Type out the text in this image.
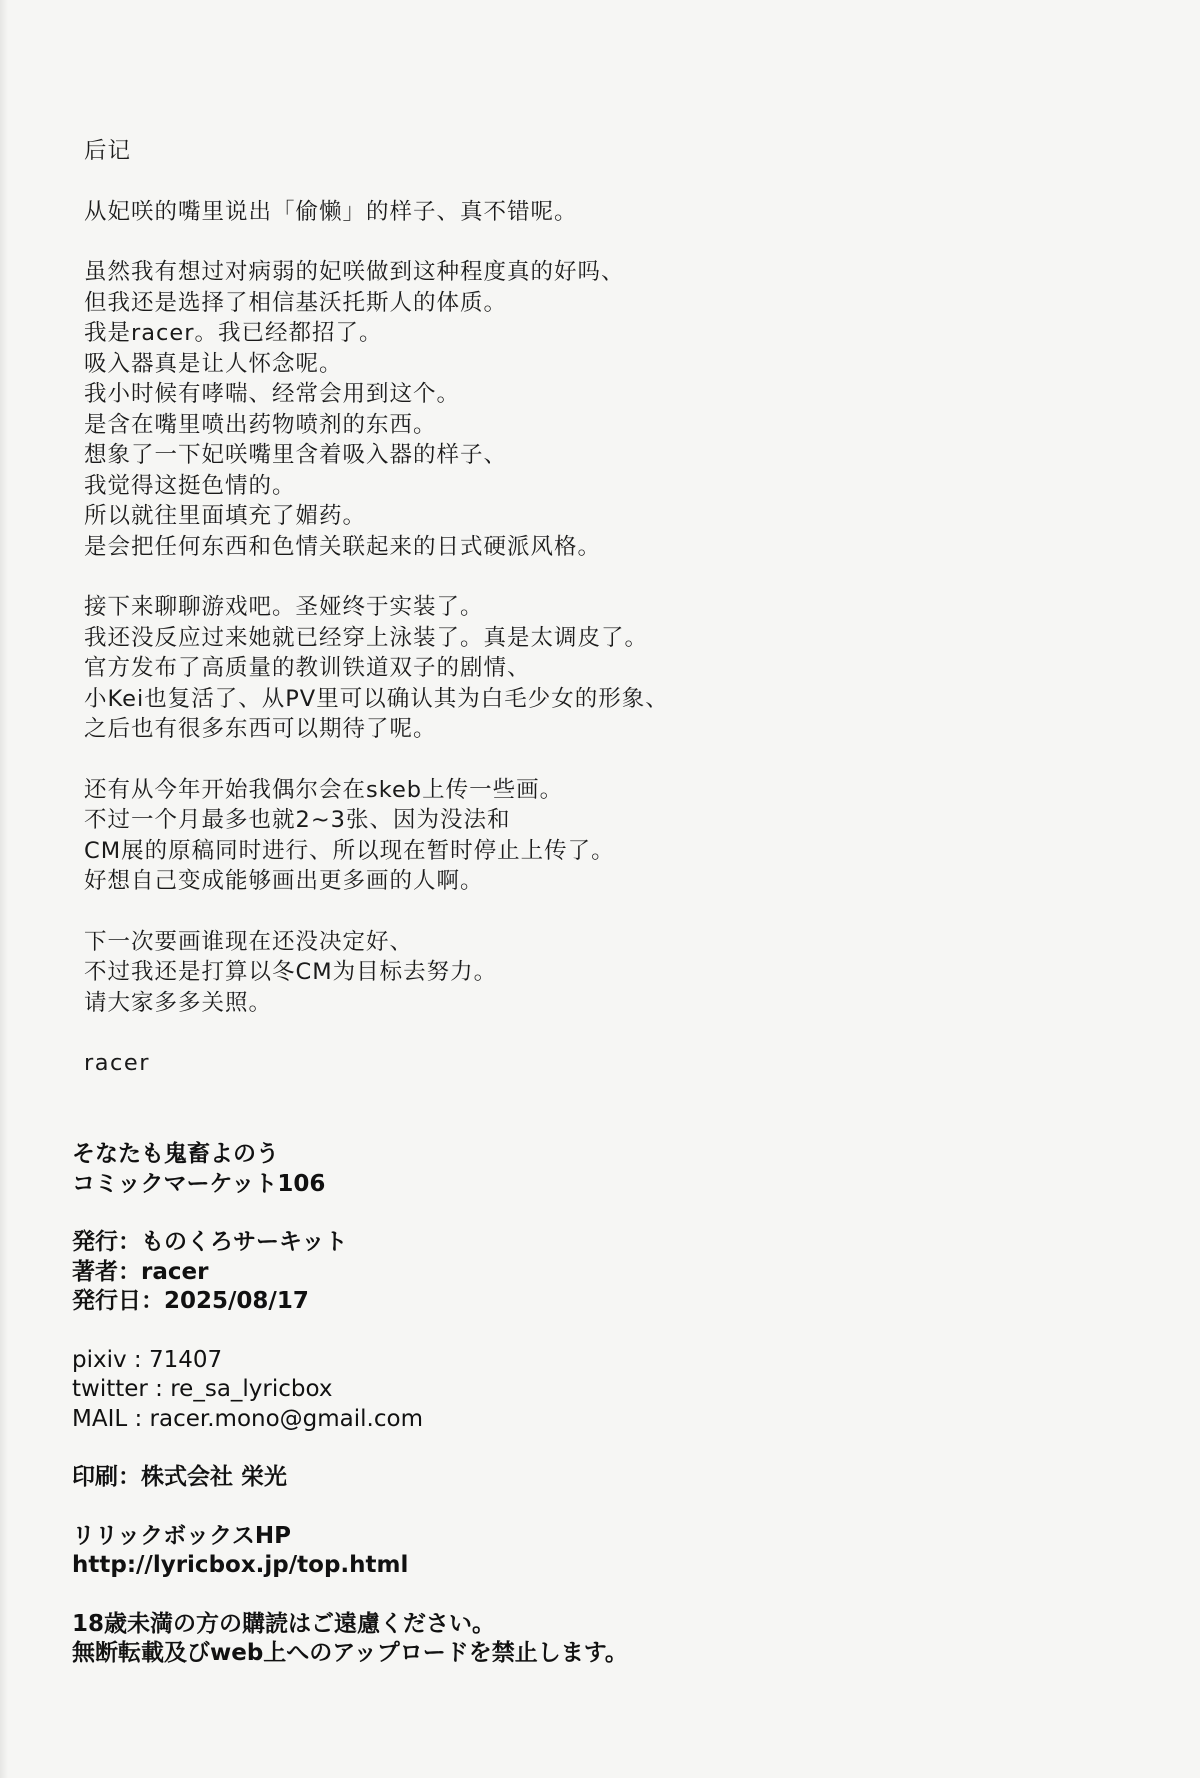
后记
从妃咲的嘴里说出「偷懒」的样子、真不错呢。
虽然我有想过对病弱的妃咲做到这种程度真的好吗、
但我还是选择了相信基沃托斯人的体质。
我是racer。我已经都招了。
吸入器真是让人怀念呢。
我小时候有哮喘、经常会用到这个。
是含在嘴里喷出药物喷剂的东西。
想象了一下妃咲嘴里含着吸入器的样子、
我觉得这挺色情的。
所以就往里面填充了媚药。
是会把任何东西和色情关联起来的日式硬派风格。
接下来聊聊游戏吧。圣娅终于实装了。
我还没反应过来她就已经穿上泳装了。真是太调皮了。
官方发布了高质量的教训铁道双子的剧情、
小Kei也复活了、从PV里可以确认其为白毛少女的形象、
之后也有很多东西可以期待了呢。
还有从今年开始我偶尔会在skeb上传一些画。
不过一个月最多也就2~3张、因为没法和
CM展的原稿同时进行、所以现在暂时停止上传了。
好想自己变成能够画出更多画的人啊。
下一次要画谁现在还没决定好、
不过我还是打算以冬CM为目标去努力。
请大家多多关照。
racer
そなたも鬼畜よのう
コミックマーケット106
発行：ものくろサーキット
著者：racer
発行日：2025/08/17
pixiv : 71407
twitter : re_sa_lyricbox
MAIL : racer.mono@gmail.com
印刷：株式会社 栄光
リリックボックスHP
http://lyricbox.jp/top.html
18歳未満の方の購読はご遠慮ください。
無断転載及びweb上へのアップロードを禁止します。
